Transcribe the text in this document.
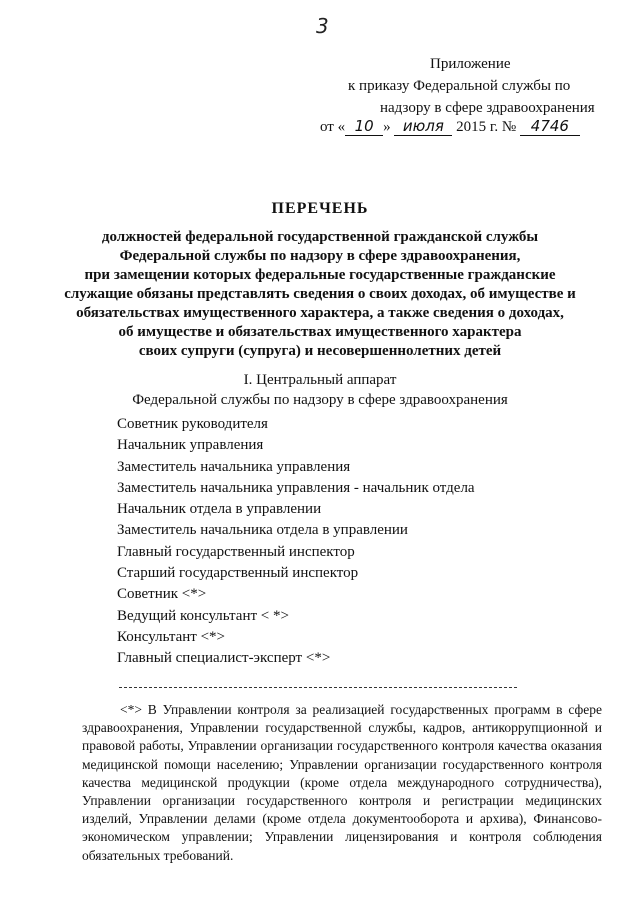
3
Приложение
к приказу Федеральной службы по
надзору в сфере здравоохранения
от « 10 » июля 2015 г. № 4746
ПЕРЕЧЕНЬ
должностей федеральной государственной гражданской службы
Федеральной службы по надзору в сфере здравоохранения,
при замещении которых федеральные государственные гражданские
служащие обязаны представлять сведения о своих доходах, об имуществе и
обязательствах имущественного характера, а также сведения о доходах,
об имуществе и обязательствах имущественного характера
своих супруги (супруга) и несовершеннолетних детей
I. Центральный аппарат
Федеральной службы по надзору в сфере здравоохранения
Советник руководителя
Начальник управления
Заместитель начальника управления
Заместитель начальника управления - начальник отдела
Начальник отдела в управлении
Заместитель начальника отдела в управлении
Главный государственный инспектор
Старший государственный инспектор
Советник <*>
Ведущий консультант < *>
Консультант <*>
Главный специалист-эксперт <*>
<*> В Управлении контроля за реализацией государственных программ в сфере здравоохранения, Управлении государственной службы, кадров, антикоррупционной и правовой работы, Управлении организации государственного контроля качества оказания медицинской помощи населению; Управлении организации государственного контроля качества медицинской продукции (кроме отдела международного сотрудничества), Управлении организации государственного контроля и регистрации медицинских изделий, Управлении делами (кроме отдела документооборота и архива), Финансово-экономическом управлении; Управлении лицензирования и контроля соблюдения обязательных требований.
